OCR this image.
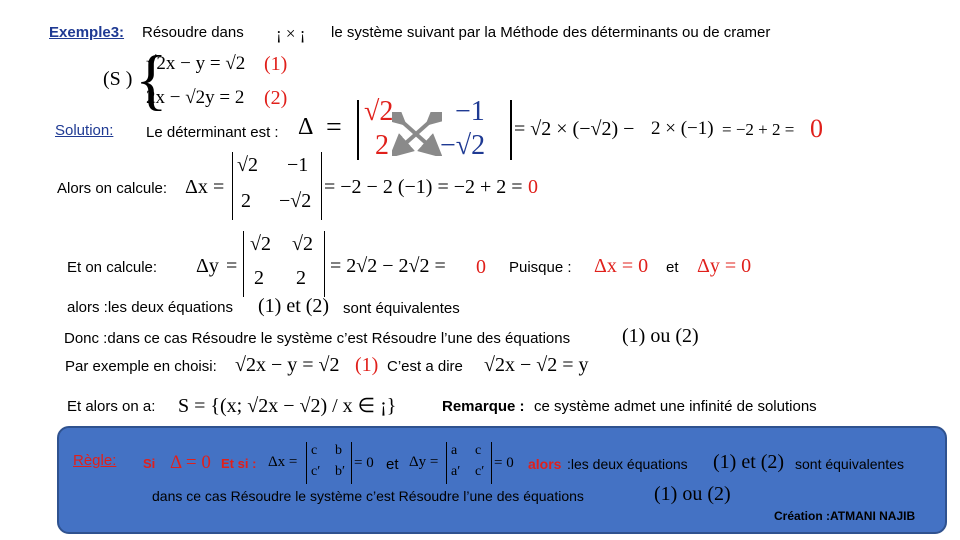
Exemple3: Résoudre dans ¡ × ¡ le système suivant par la Méthode des déterminants ou de cramer
(S ) {
√2x − y = √2 (1)
2x − √2y = 2 (2)
Solution: Le déterminant est : Δ =
√2 −1
2 −√2
= √2 × (−√2) − 2 × (−1) = −2 + 2 = 0
Alors on calcule: Δx =
√2 −1
2 −√2
= −2 − 2 (−1) = −2 + 2 = 0
Et on calcule: Δy =
√2 √2
2 2
= 2√2 − 2√2 = 0 Puisque : Δx = 0 et Δy = 0
alors :les deux équations (1) et (2) sont équivalentes
Donc :dans ce cas Résoudre le système c’est Résoudre l’une des équations	(1) ou (2)
Par exemple en choisi: √2x − y = √2 (1) C’est a dire √2x − √2 = y
Et alors on a: S = {(x; √2x − √2) / x ∈ ¡}	Remarque : ce système admet une infinité de solutions
Règle: Si Δ = 0 Et si : Δx =
c b
c′ b′
= 0 et Δy =
a c
a′ c′
= 0 alors :les deux équations (1) et (2) sont équivalentes
dans ce cas Résoudre le système c’est Résoudre l’une des équations	(1) ou (2)
Création :ATMANI NAJIB
